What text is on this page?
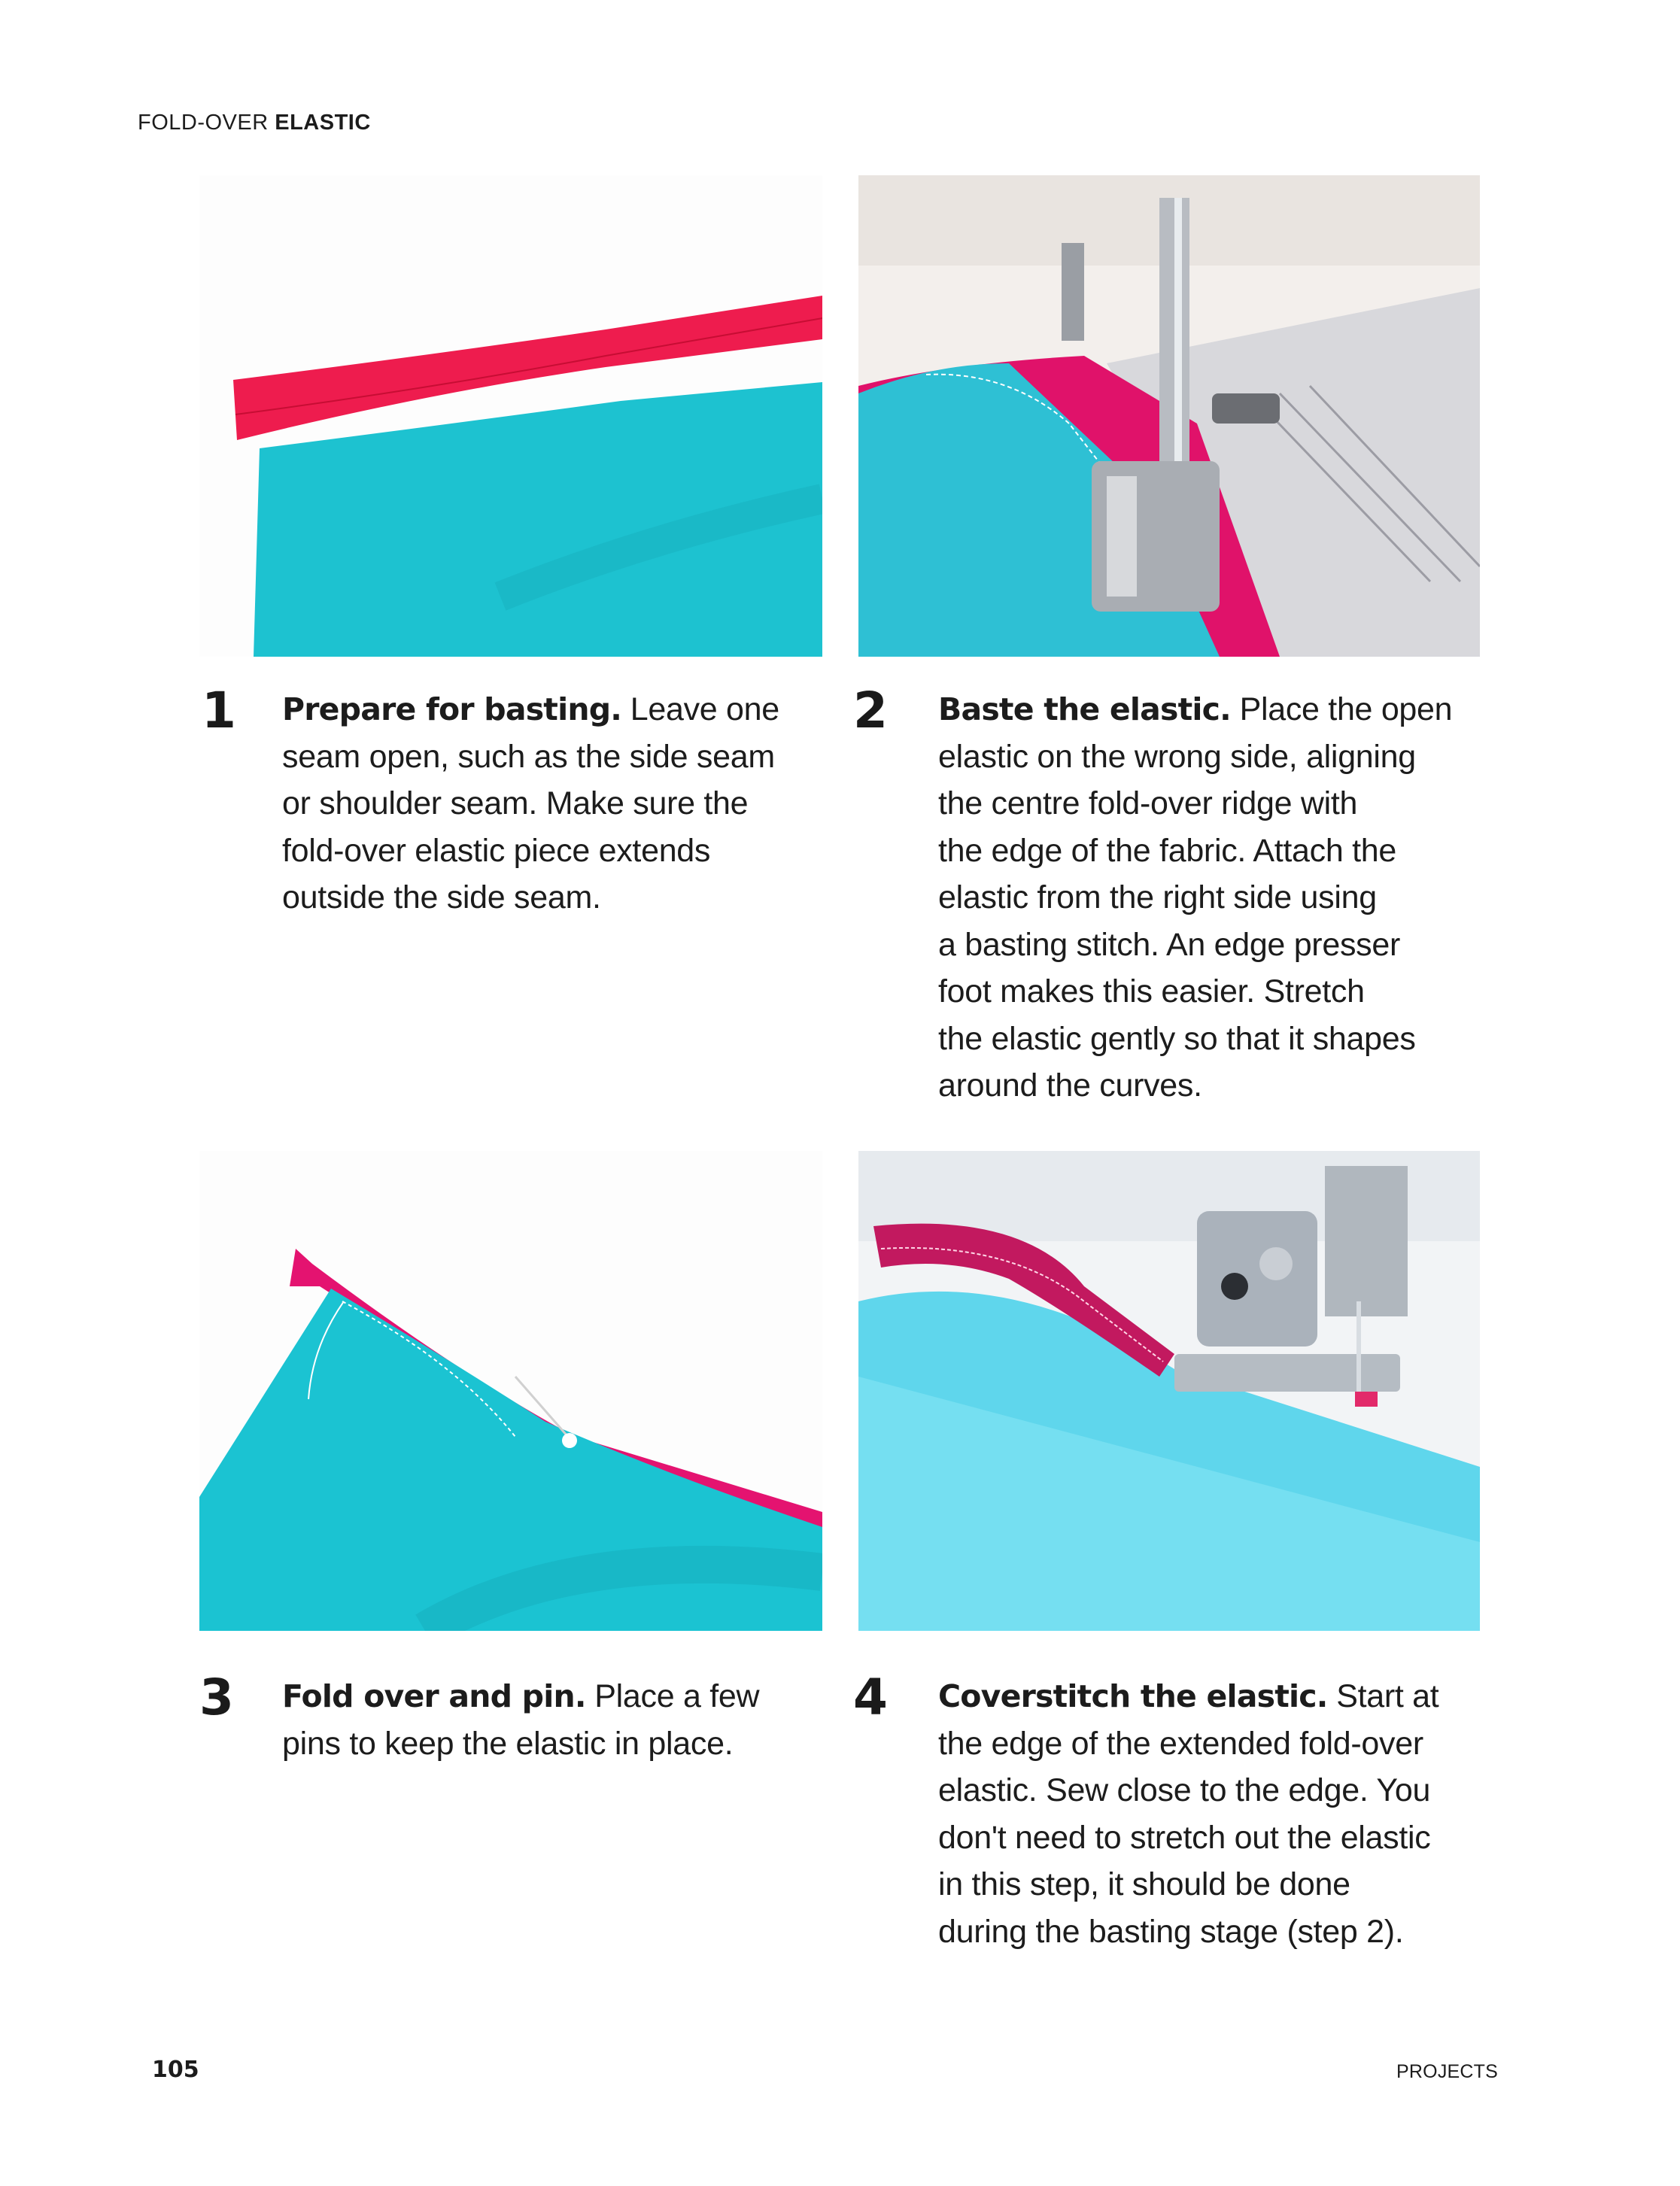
FOLD-OVER ELASTIC
1 Prepare for basting. Leave one
seam open, such as the side seam
or shoulder seam. Make sure the
fold-over elastic piece extends
outside the side seam.
2 Baste the elastic. Place the open
elastic on the wrong side, aligning
the centre fold-over ridge with
the edge of the fabric. Attach the
elastic from the right side using
a basting stitch. An edge presser
foot makes this easier. Stretch
the elastic gently so that it shapes
around the curves.
3 Fold over and pin. Place a few
pins to keep the elastic in place.
4 Coverstitch the elastic. Start at
the edge of the extended fold-over
elastic. Sew close to the edge. You
don't need to stretch out the elastic
in this step, it should be done
during the basting stage (step 2).
105	PROJECTS
